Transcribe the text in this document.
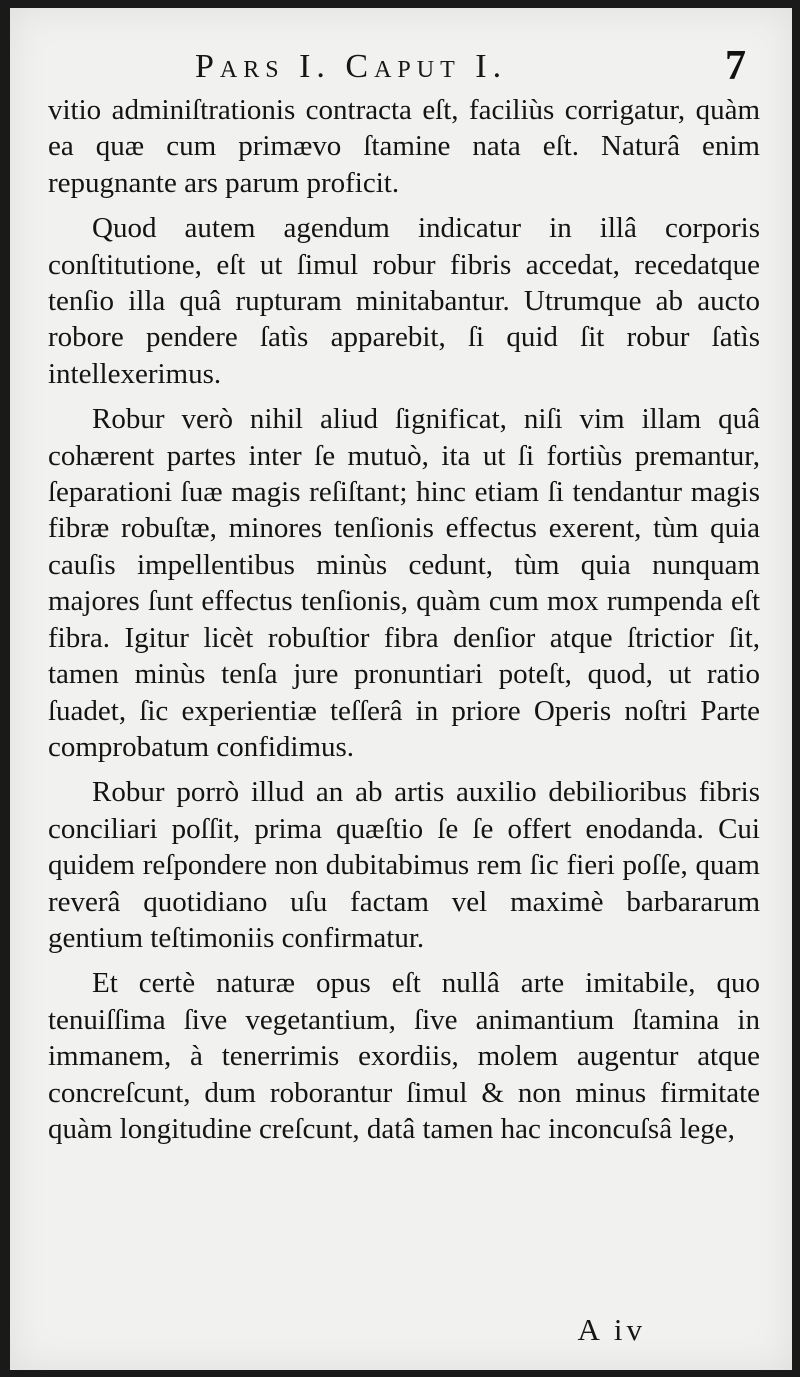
Pars I. Caput I.	7

vitio adminiſtrationis contracta eſt, faciliùs corrigatur, quàm ea quæ cum primævo ſtamine nata eſt. Naturâ enim repugnante ars parum proficit.

Quod autem agendum indicatur in illâ corporis conſtitutione, eſt ut ſimul robur fibris accedat, recedatque tenſio illa quâ rupturam minitabantur. Utrumque ab aucto robore pendere ſatìs apparebit, ſi quid ſit robur ſatìs intellexerimus.

Robur verò nihil aliud ſignificat, niſi vim illam quâ cohærent partes inter ſe mutuò, ita ut ſi fortiùs premantur, ſeparationi ſuæ magis reſiſtant; hinc etiam ſi tendantur magis fibræ robuſtæ, minores tenſionis effectus exerent, tùm quia cauſis impellentibus minùs cedunt, tùm quia nunquam majores ſunt effectus tenſionis, quàm cum mox rumpenda eſt fibra. Igitur licèt robuſtior fibra denſior atque ſtrictior ſit, tamen minùs tenſa jure pronuntiari poteſt, quod, ut ratio ſuadet, ſic experientiæ teſſerâ in priore Operis noſtri Parte comprobatum confidimus.

Robur porrò illud an ab artis auxilio debilioribus fibris conciliari poſſit, prima quæſtio ſe ſe offert enodanda. Cui quidem reſpondere non dubitabimus rem ſic fieri poſſe, quam reverâ quotidiano uſu factam vel maximè barbararum gentium teſtimoniis confirmatur.

Et certè naturæ opus eſt nullâ arte imitabile, quo tenuiſſima ſive vegetantium, ſive animantium ſtamina in immanem, à tenerrimis exordiis, molem augentur atque concreſcunt, dum roborantur ſimul & non minus firmitate quàm longitudine creſcunt, datâ tamen hac inconcuſsâ lege,

A iv
